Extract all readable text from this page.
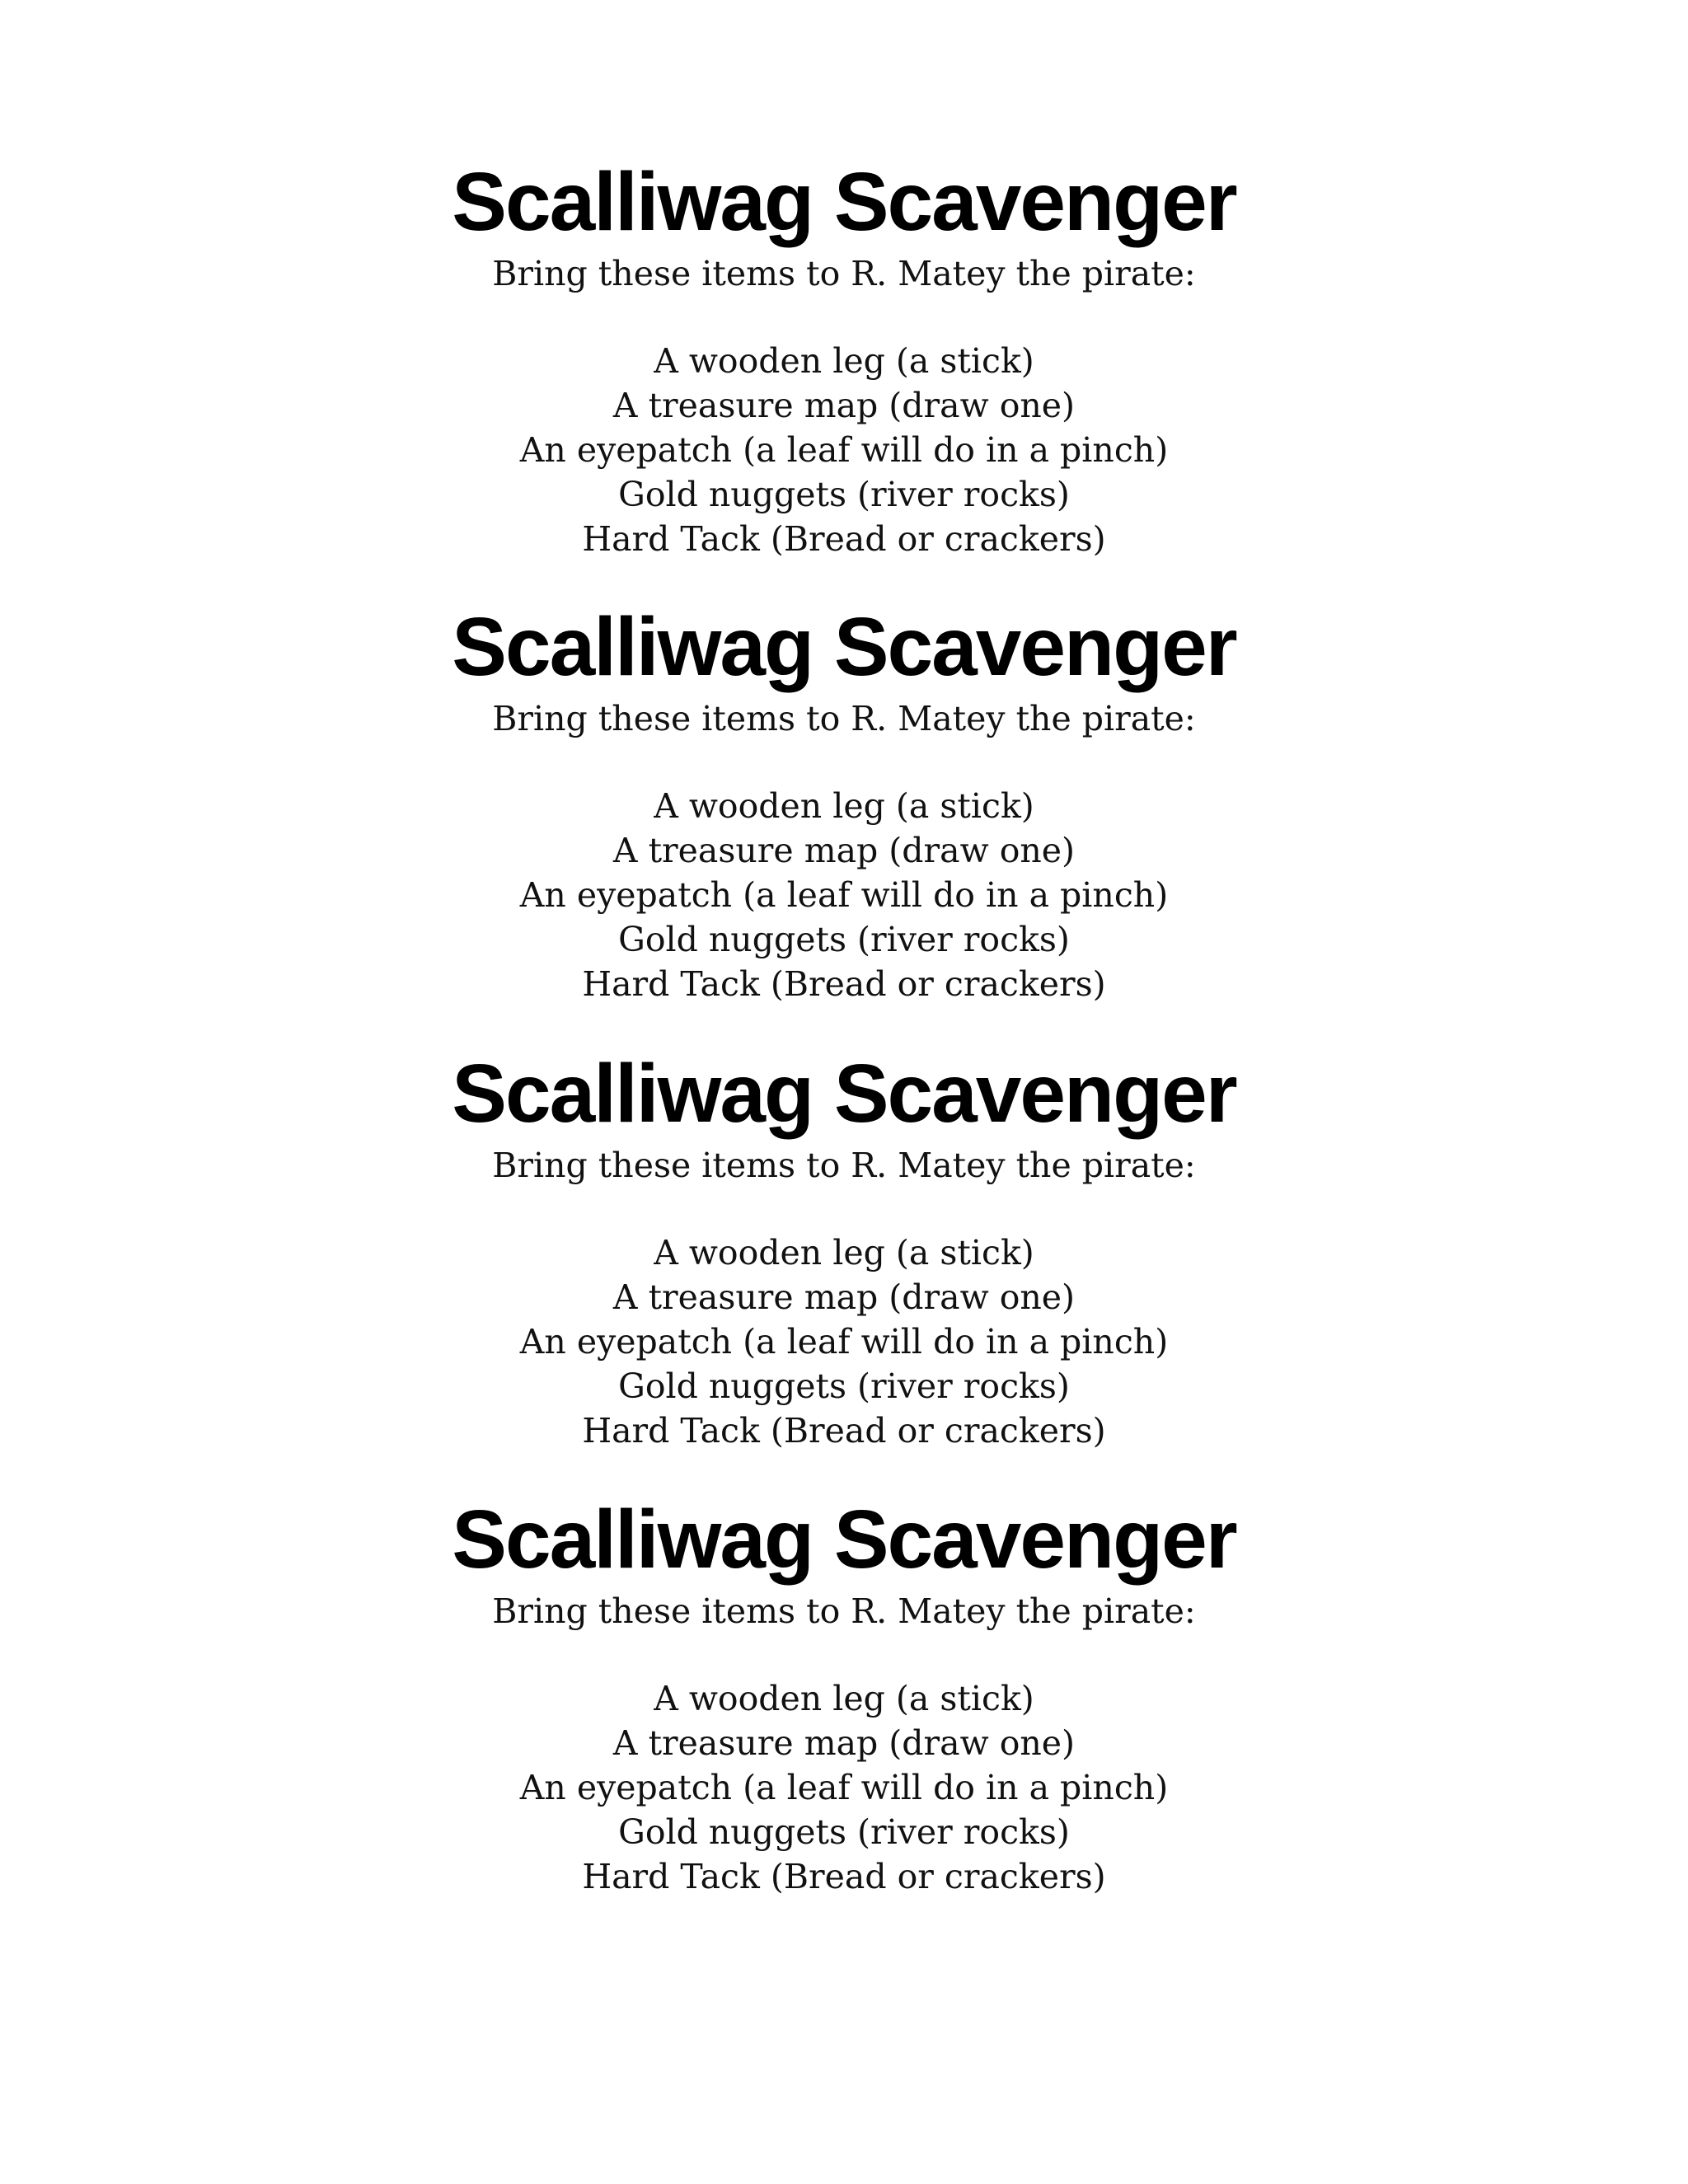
Scalliwag Scavenger

Bring these items to R. Matey the pirate:

A wooden leg (a stick)
A treasure map (draw one)
An eyepatch (a leaf will do in a pinch)
Gold nuggets (river rocks)
Hard Tack (Bread or crackers)
Scalliwag Scavenger

Bring these items to R. Matey the pirate:

A wooden leg (a stick)
A treasure map (draw one)
An eyepatch (a leaf will do in a pinch)
Gold nuggets (river rocks)
Hard Tack (Bread or crackers)
Scalliwag Scavenger

Bring these items to R. Matey the pirate:

A wooden leg (a stick)
A treasure map (draw one)
An eyepatch (a leaf will do in a pinch)
Gold nuggets (river rocks)
Hard Tack (Bread or crackers)
Scalliwag Scavenger

Bring these items to R. Matey the pirate:

A wooden leg (a stick)
A treasure map (draw one)
An eyepatch (a leaf will do in a pinch)
Gold nuggets (river rocks)
Hard Tack (Bread or crackers)
